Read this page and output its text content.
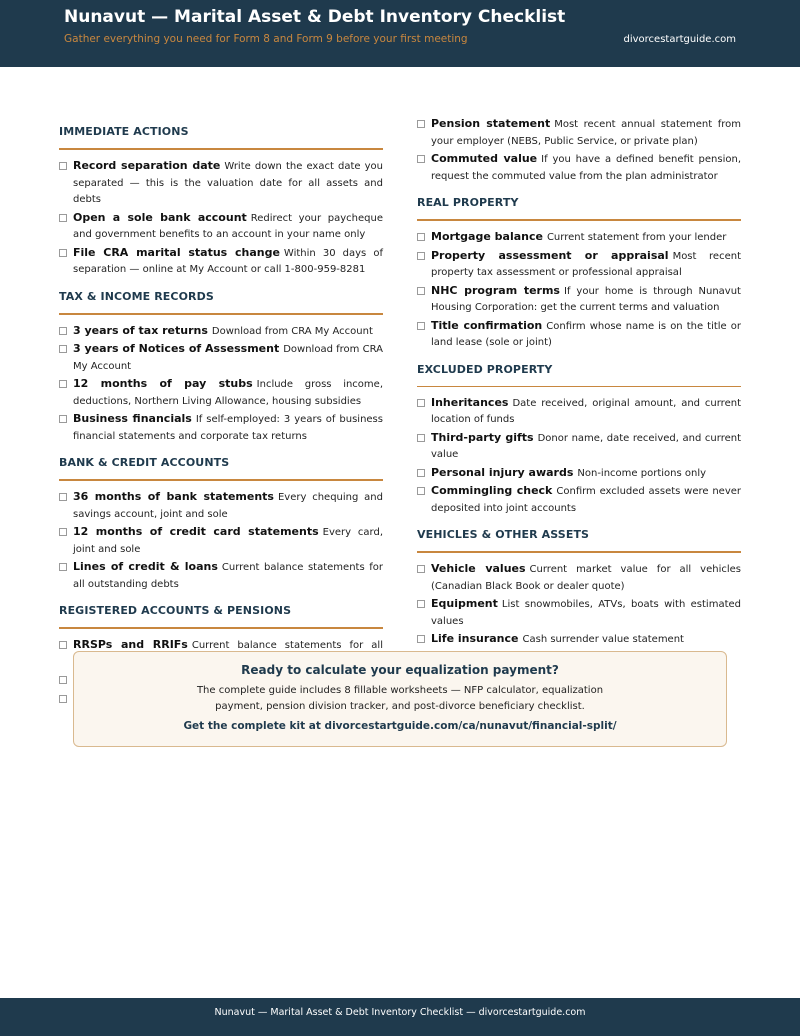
Nunavut — Marital Asset & Debt Inventory Checklist
Gather everything you need for Form 8 and Form 9 before your first meeting	divorcestartguide.com
IMMEDIATE ACTIONS
Record separation date Write down the exact date you separated — this is the valuation date for all assets and debts
Open a sole bank account Redirect your paycheque and government benefits to an account in your name only
File CRA marital status change Within 30 days of separation — online at My Account or call 1-800-959-8281
TAX & INCOME RECORDS
3 years of tax returns Download from CRA My Account
3 years of Notices of Assessment Download from CRA My Account
12 months of pay stubs Include gross income, deductions, Northern Living Allowance, housing subsidies
Business financials If self-employed: 3 years of business financial statements and corporate tax returns
BANK & CREDIT ACCOUNTS
36 months of bank statements Every chequing and savings account, joint and sole
12 months of credit card statements Every card, joint and sole
Lines of credit & loans Current balance statements for all outstanding debts
REGISTERED ACCOUNTS & PENSIONS
RRSPs and RRIFs Current balance statements for all
Pension statement Most recent annual statement from your employer (NEBS, Public Service, or private plan)
Commuted value If you have a defined benefit pension, request the commuted value from the plan administrator
REAL PROPERTY
Mortgage balance Current statement from your lender
Property assessment or appraisal Most recent property tax assessment or professional appraisal
NHC program terms If your home is through Nunavut Housing Corporation: get the current terms and valuation
Title confirmation Confirm whose name is on the title or land lease (sole or joint)
EXCLUDED PROPERTY
Inheritances Date received, original amount, and current location of funds
Third-party gifts Donor name, date received, and current value
Personal injury awards Non-income portions only
Commingling check Confirm excluded assets were never deposited into joint accounts
VEHICLES & OTHER ASSETS
Vehicle values Current market value for all vehicles (Canadian Black Book or dealer quote)
Equipment List snowmobiles, ATVs, boats with estimated values
Life insurance Cash surrender value statement
Ready to calculate your equalization payment?
The complete guide includes 8 fillable worksheets — NFP calculator, equalization payment, pension division tracker, and post-divorce beneficiary checklist.
Get the complete kit at divorcestartguide.com/ca/nunavut/financial-split/
Nunavut — Marital Asset & Debt Inventory Checklist — divorcestartguide.com
